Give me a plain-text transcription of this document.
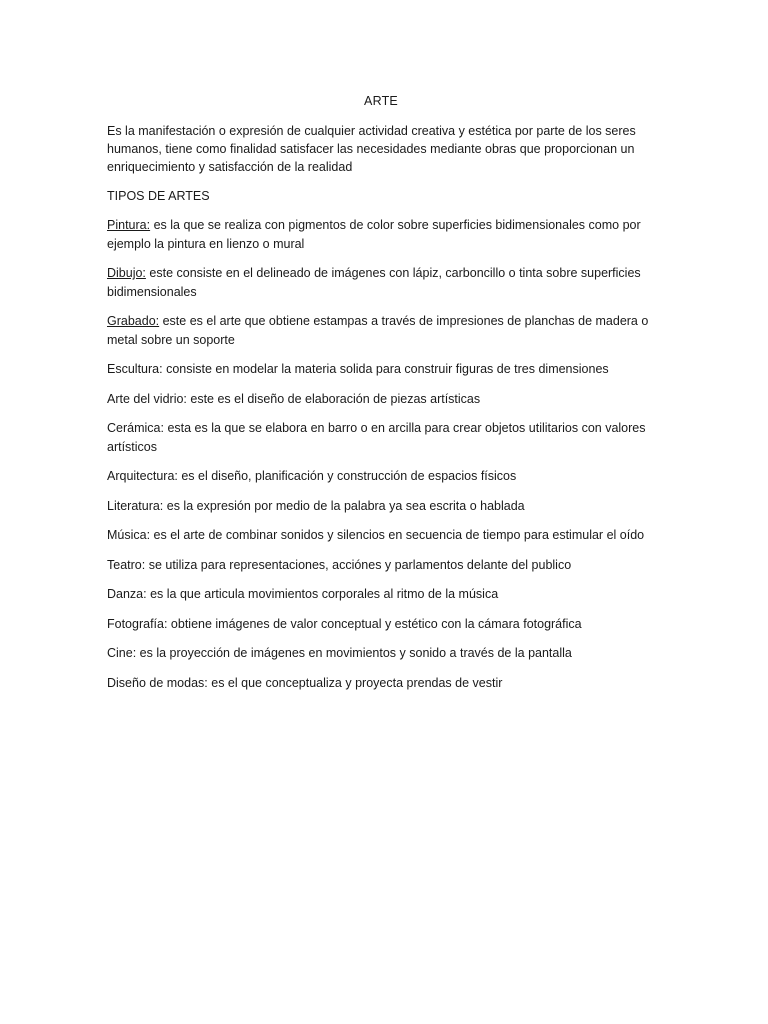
ARTE
Es la manifestación o expresión de cualquier actividad creativa y estética por parte de los seres humanos, tiene como finalidad satisfacer las necesidades mediante obras que proporcionan un enriquecimiento y satisfacción de la realidad
TIPOS DE ARTES
Pintura: es la que se realiza con pigmentos de color sobre superficies bidimensionales como por ejemplo la pintura en lienzo o mural
Dibujo: este consiste en el delineado de imágenes con lápiz, carboncillo o tinta sobre superficies bidimensionales
Grabado: este es el arte que obtiene estampas a través de impresiones de planchas de madera o metal sobre un soporte
Escultura: consiste en modelar la materia solida para construir figuras de tres dimensiones
Arte del vidrio: este es el diseño de elaboración de piezas artísticas
Cerámica: esta es la que se elabora en barro o en arcilla para crear objetos utilitarios con valores artísticos
Arquitectura: es el diseño, planificación y construcción de espacios físicos
Literatura: es la expresión por medio de la palabra ya sea escrita o hablada
Música: es el arte de combinar sonidos y silencios en secuencia de tiempo para estimular el oído
Teatro: se utiliza para representaciones, acciónes y parlamentos delante del publico
Danza: es la que articula movimientos corporales al ritmo de la música
Fotografía: obtiene imágenes de valor conceptual y estético con la cámara fotográfica
Cine: es la proyección de imágenes en movimientos y sonido a través de la pantalla
Diseño de modas: es el que conceptualiza y proyecta prendas de vestir
